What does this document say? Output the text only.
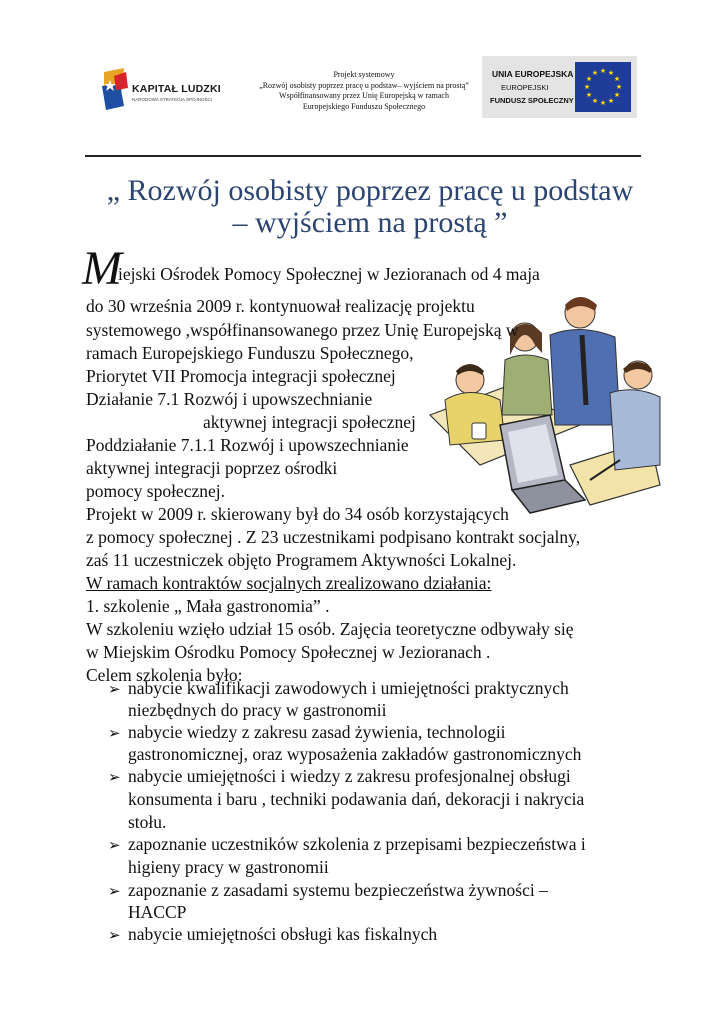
KAPITAŁ LUDZKI
NARODOWA STRATEGIA SPÓJNOŚCI
Projekt systemowy
„Rozwój osobisty poprzez pracę u podstaw– wyjściem na prostą”
Współfinansowany przez Unię Europejską w ramach
Europejskiego Funduszu Społecznego
UNIA EUROPEJSKA
EUROPEJSKI
FUNDUSZ SPOŁECZNY
★ ★
★
★
★
★
★
★
★
★
★
★
„ Rozwój osobisty poprzez pracę u podstaw
– wyjściem na prostą ”
M
iejski Ośrodek Pomocy Społecznej w Jezioranach od 4 maja
do 30 września 2009 r. kontynuował realizację projektu
systemowego ,współfinansowanego przez Unię Europejską w
ramach Europejskiego Funduszu Społecznego,
Priorytet VII Promocja integracji społecznej
Działanie 7.1 Rozwój i upowszechnianie
aktywnej integracji społecznej
Poddziałanie 7.1.1 Rozwój i upowszechnianie
aktywnej integracji poprzez ośrodki
pomocy społecznej.
Projekt w 2009 r. skierowany był do 34 osób korzystających
z pomocy społecznej . Z 23 uczestnikami podpisano kontrakt socjalny,
zaś 11 uczestniczek objęto Programem Aktywności Lokalnej.
W ramach kontraktów socjalnych zrealizowano działania:
1. szkolenie „ Mała gastronomia” .
W szkoleniu wzięło udział 15 osób. Zajęcia teoretyczne odbywały się
w Miejskim Ośrodku Pomocy Społecznej w Jezioranach .
Celem szkolenia było:
➢ nabycie kwalifikacji zawodowych i umiejętności praktycznych
niezbędnych do pracy w gastronomii
➢ nabycie wiedzy z zakresu zasad żywienia, technologii
gastronomicznej, oraz wyposażenia zakładów gastronomicznych
➢ nabycie umiejętności i wiedzy z zakresu profesjonalnej obsługi
konsumenta i baru , techniki podawania dań, dekoracji i nakrycia
stołu.
➢ zapoznanie uczestników szkolenia z przepisami bezpieczeństwa i
higieny pracy w gastronomii
➢ zapoznanie z zasadami systemu bezpieczeństwa żywności –
HACCP
➢ nabycie umiejętności obsługi kas fiskalnych
